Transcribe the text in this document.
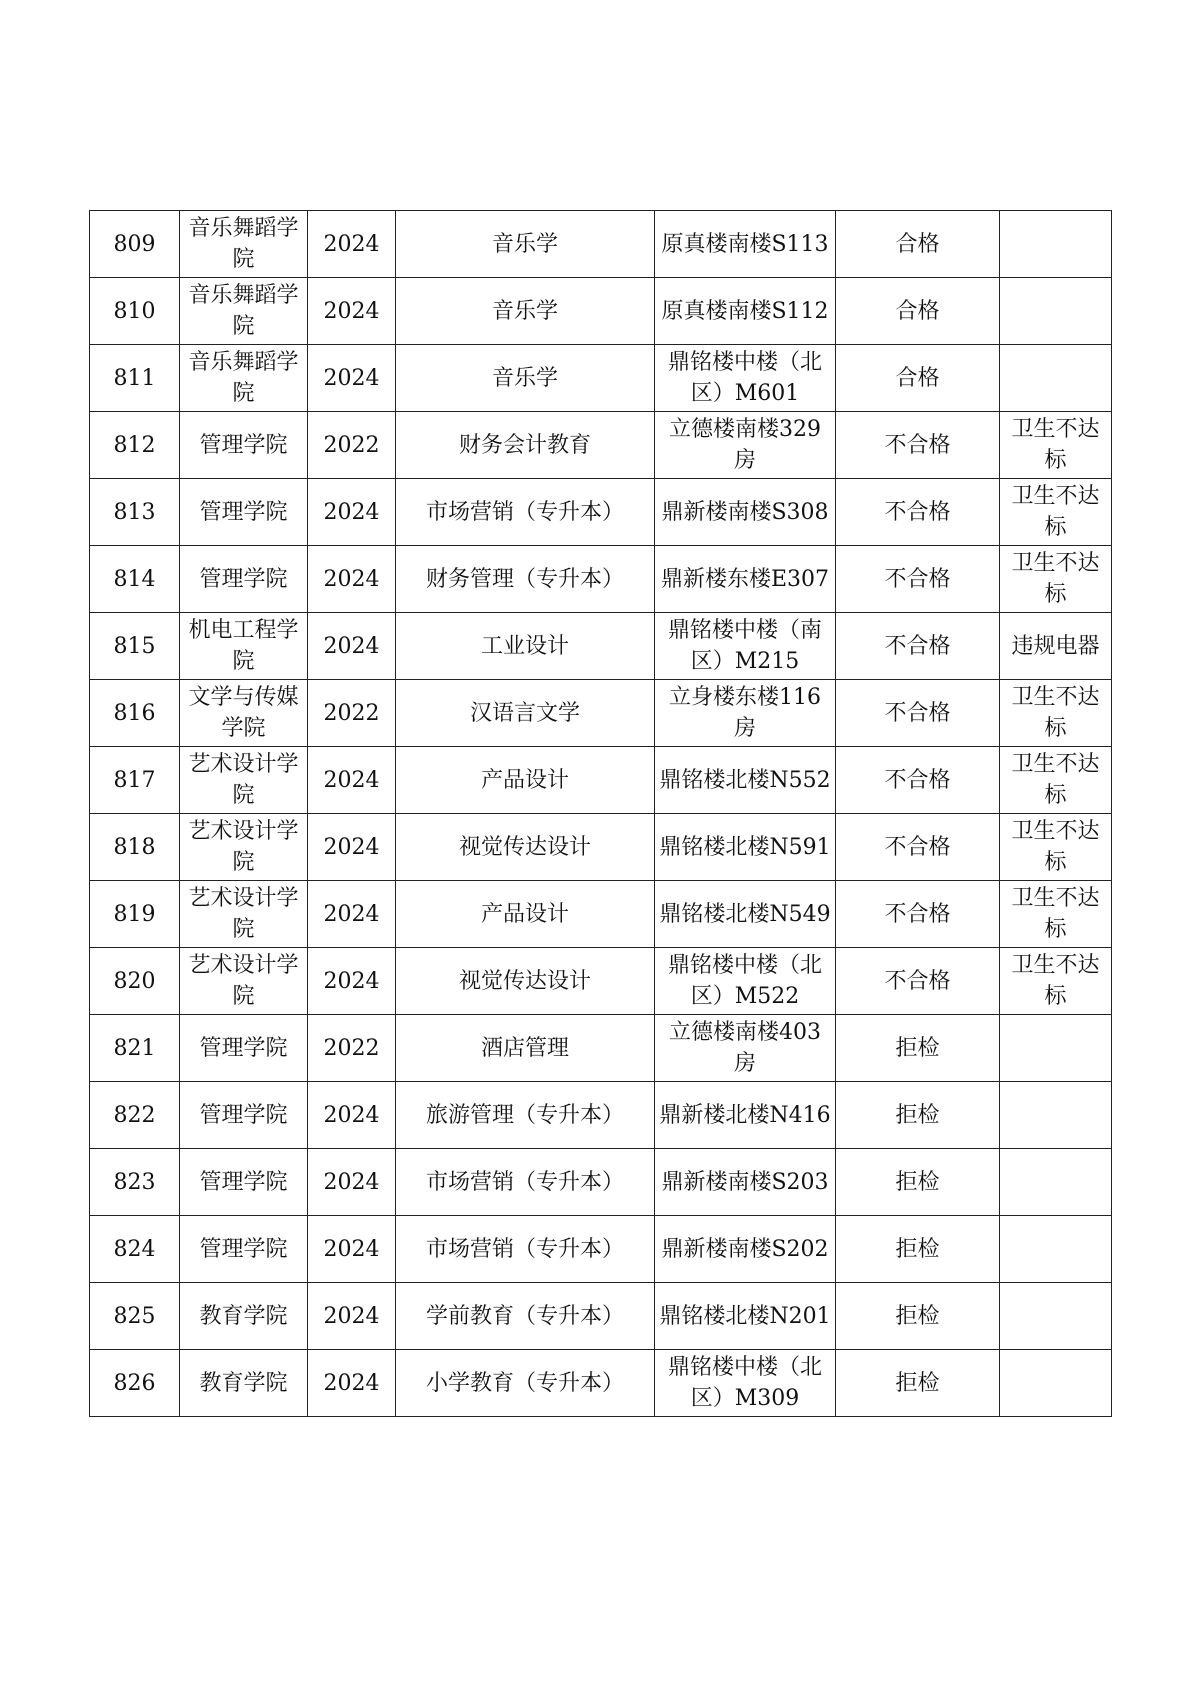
809	音乐舞蹈学院	2024	音乐学	原真楼南楼S113	合格	

810	音乐舞蹈学院	2024	音乐学	原真楼南楼S112	合格	

811	音乐舞蹈学院	2024	音乐学	鼎铭楼中楼（北区）M601	合格	

812	管理学院	2022	财务会计教育	立德楼南楼329房	不合格	卫生不达标

813	管理学院	2024	市场营销（专升本）	鼎新楼南楼S308	不合格	卫生不达标

814	管理学院	2024	财务管理（专升本）	鼎新楼东楼E307	不合格	卫生不达标

815	机电工程学院	2024	工业设计	鼎铭楼中楼（南区）M215	不合格	违规电器

816	文学与传媒学院	2022	汉语言文学	立身楼东楼116房	不合格	卫生不达标

817	艺术设计学院	2024	产品设计	鼎铭楼北楼N552	不合格	卫生不达标

818	艺术设计学院	2024	视觉传达设计	鼎铭楼北楼N591	不合格	卫生不达标

819	艺术设计学院	2024	产品设计	鼎铭楼北楼N549	不合格	卫生不达标

820	艺术设计学院	2024	视觉传达设计	鼎铭楼中楼（北区）M522	不合格	卫生不达标

821	管理学院	2022	酒店管理	立德楼南楼403房	拒检	

822	管理学院	2024	旅游管理（专升本）	鼎新楼北楼N416	拒检	

823	管理学院	2024	市场营销（专升本）	鼎新楼南楼S203	拒检	

824	管理学院	2024	市场营销（专升本）	鼎新楼南楼S202	拒检	

825	教育学院	2024	学前教育（专升本）	鼎铭楼北楼N201	拒检	

826	教育学院	2024	小学教育（专升本）	鼎铭楼中楼（北区）M309	拒检	
